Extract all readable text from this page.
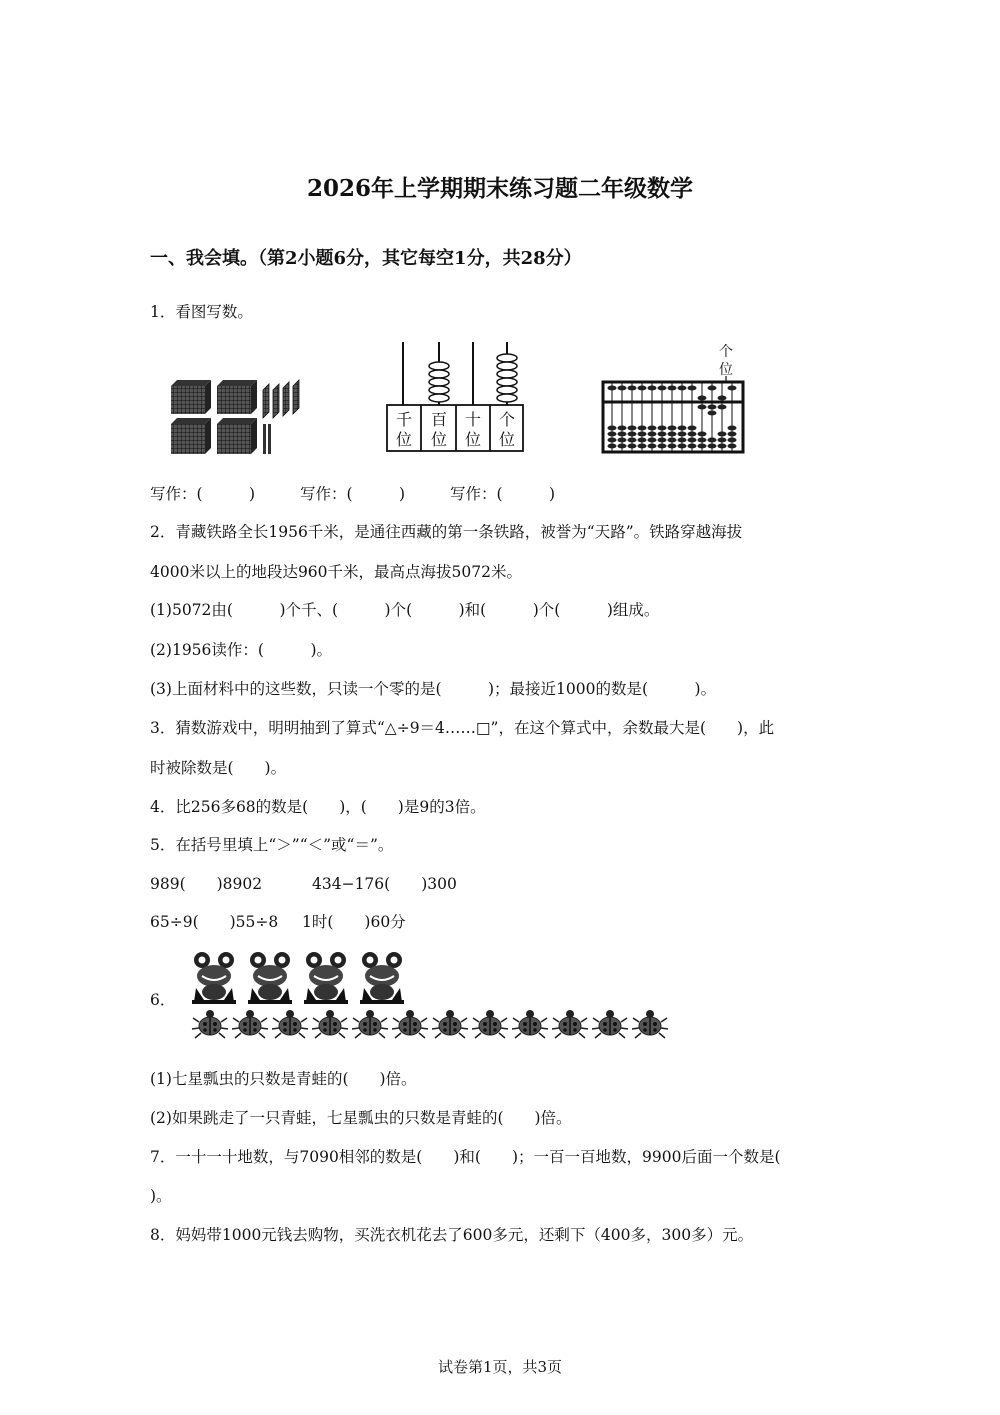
2026年上学期期末练习题二年级数学
一、我会填。（第2小题6分，其它每空1分，共28分）
1．看图写数。
千
位
百
位
十
位
个
位
个
位
写作：(　　　)	写作：(　　　)	写作：(　　　)
2．青藏铁路全长1956千米，是通往西藏的第一条铁路，被誉为“天路”。铁路穿越海拔
4000米以上的地段达960千米，最高点海拔5072米。
(1)5072由(　　　)个千、(　　　)个(　　　)和(　　　)个(　　　)组成。
(2)1956读作：(　　　)。
(3)上面材料中的这些数，只读一个零的是(　　　)；最接近1000的数是(　　　)。
3．猜数游戏中，明明抽到了算式“△÷9＝4……□”，在这个算式中，余数最大是(　　)，此
时被除数是(　　)。
4．比256多68的数是(　　)，(　　)是9的3倍。
5．在括号里填上“＞”“＜”或“＝”。
989(　　)8902	434−176(　　)300
65÷9(　　)55÷8 1时(　　)60分
6．
(1)七星瓢虫的只数是青蛙的(　　)倍。
(2)如果跳走了一只青蛙，七星瓢虫的只数是青蛙的(　　)倍。
7．一十一十地数，与7090相邻的数是(　　)和(　　)；一百一百地数，9900后面一个数是(
)。
8．妈妈带1000元钱去购物，买洗衣机花去了600多元，还剩下（400多，300多）元。
试卷第1页，共3页
